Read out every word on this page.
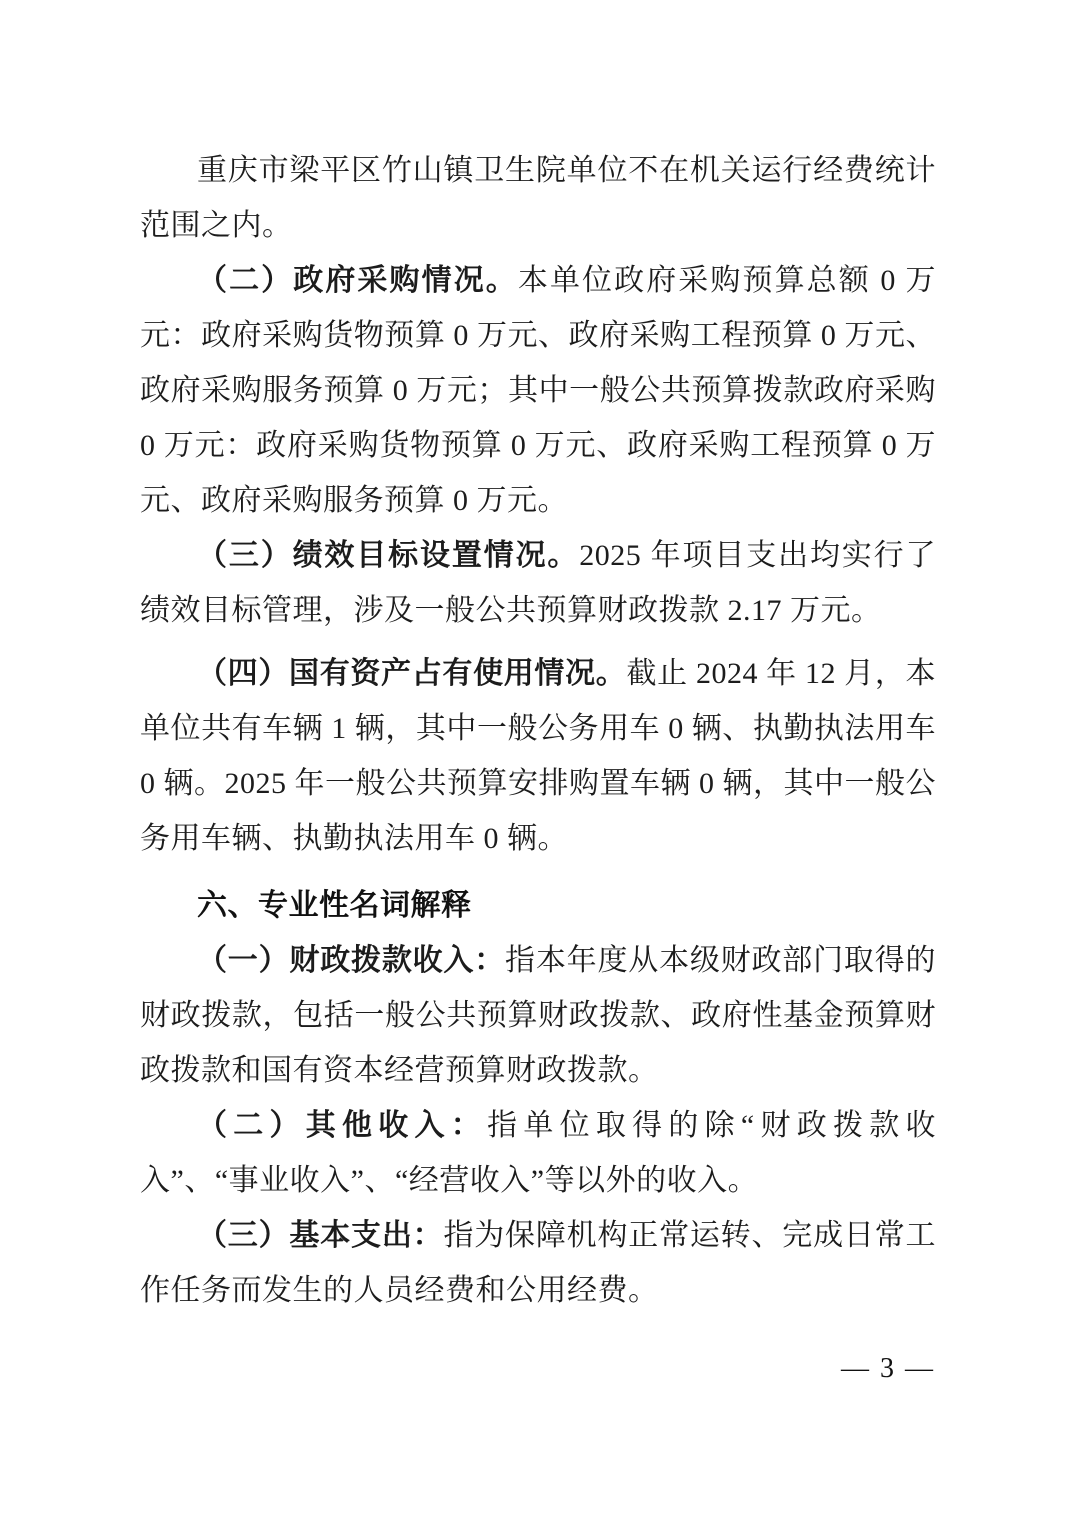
重庆市梁平区竹山镇卫生院单位不在机关运行经费统计范围之内。

（二）政府采购情况。本单位政府采购预算总额 0 万元：政府采购货物预算 0 万元、政府采购工程预算 0 万元、政府采购服务预算 0 万元；其中一般公共预算拨款政府采购 0 万元：政府采购货物预算 0 万元、政府采购工程预算 0 万元、政府采购服务预算 0 万元。

（三）绩效目标设置情况。2025 年项目支出均实行了绩效目标管理，涉及一般公共预算财政拨款 2.17 万元。

（四）国有资产占有使用情况。截止 2024 年 12 月，本单位共有车辆 1 辆，其中一般公务用车 0 辆、执勤执法用车 0 辆。2025 年一般公共预算安排购置车辆 0 辆，其中一般公务用车辆、执勤执法用车 0 辆。

六、专业性名词解释

（一）财政拨款收入：指本年度从本级财政部门取得的财政拨款，包括一般公共预算财政拨款、政府性基金预算财政拨款和国有资本经营预算财政拨款。

（二）其他收入：指单位取得的除“财政拨款收入”、“事业收入”、“经营收入”等以外的收入。

（三）基本支出：指为保障机构正常运转、完成日常工作任务而发生的人员经费和公用经费。

— 3 —
